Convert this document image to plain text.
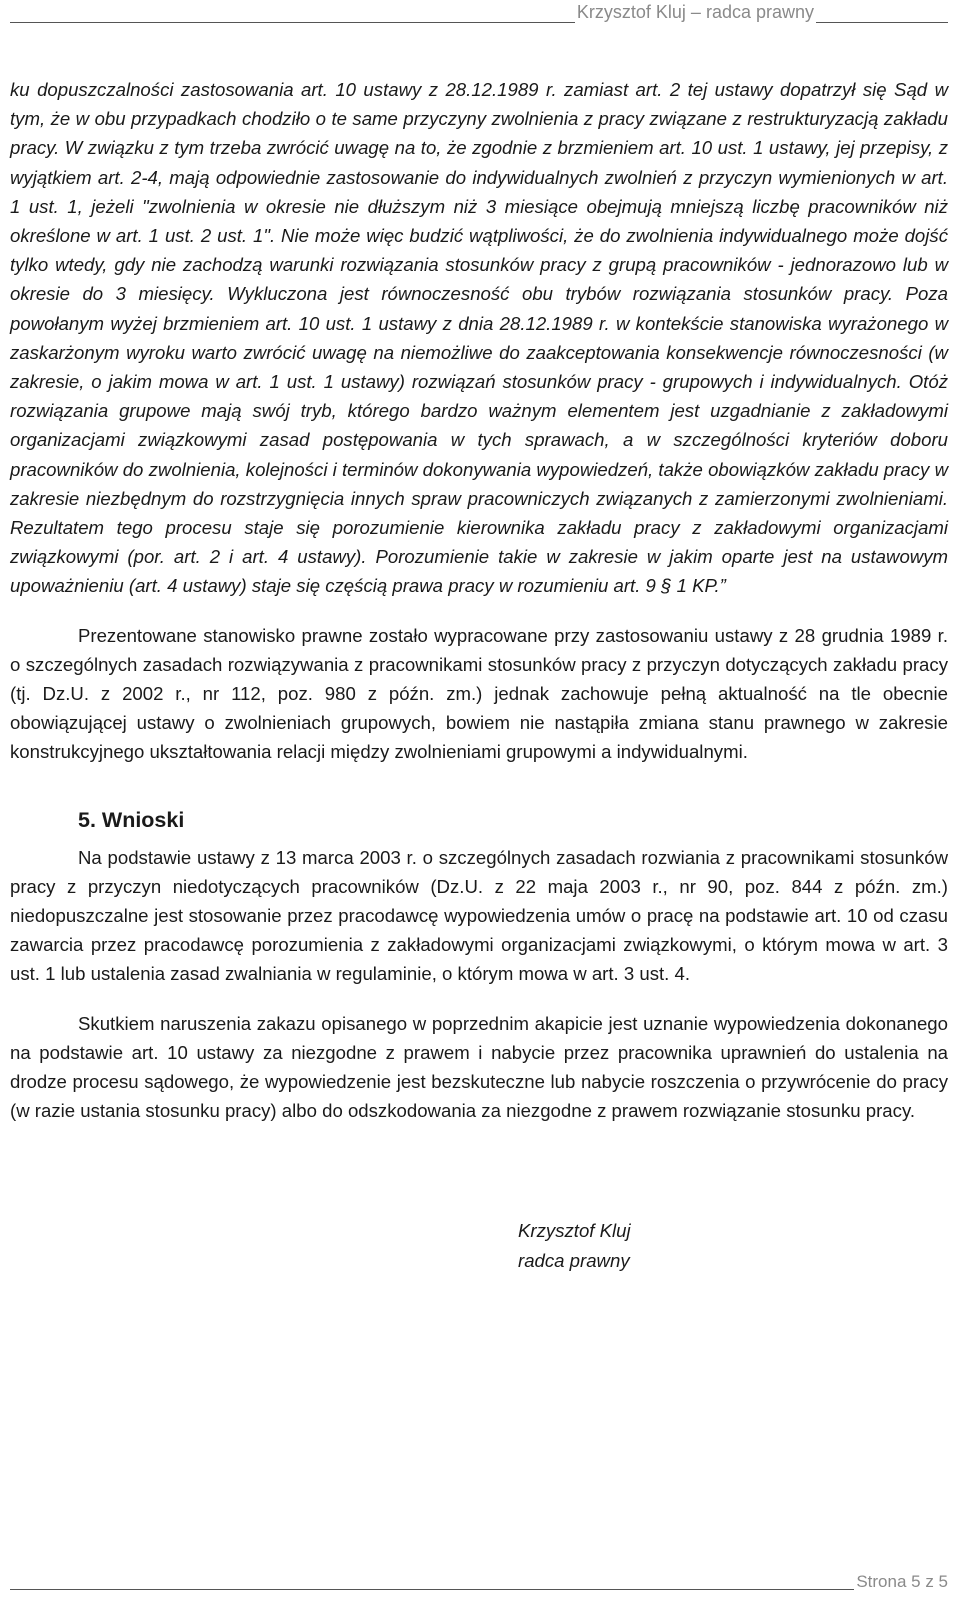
Krzysztof Kluj – radca prawny

ku dopuszczalności zastosowania art. 10 ustawy z 28.12.1989 r. zamiast art. 2 tej ustawy dopatrzył się Sąd w tym, że w obu przypadkach chodziło o te same przyczyny zwolnienia z pracy związane z restrukturyzacją zakładu pracy. W związku z tym trzeba zwrócić uwagę na to, że zgodnie z brzmieniem art. 10 ust. 1 ustawy, jej przepisy, z wyjątkiem art. 2-4, mają odpowiednie zastosowanie do indywidualnych zwolnień z przyczyn wymienionych w art. 1 ust. 1, jeżeli "zwolnienia w okresie nie dłuższym niż 3 miesiące obejmują mniejszą liczbę pracowników niż określone w art. 1 ust. 2 ust. 1". Nie może więc budzić wątpliwości, że do zwolnienia indywidualnego może dojść tylko wtedy, gdy nie zachodzą warunki rozwiązania stosunków pracy z grupą pracowników - jednorazowo lub w okresie do 3 miesięcy. Wykluczona jest równoczesność obu trybów rozwiązania stosunków pracy. Poza powołanym wyżej brzmieniem art. 10 ust. 1 ustawy z dnia 28.12.1989 r. w kontekście stanowiska wyrażonego w zaskarżonym wyroku warto zwrócić uwagę na niemożliwe do zaakceptowania konsekwencje równoczesności (w zakresie, o jakim mowa w art. 1 ust. 1 ustawy) rozwiązań stosunków pracy - grupowych i indywidualnych. Otóż rozwiązania grupowe mają swój tryb, którego bardzo ważnym elementem jest uzgadnianie z zakładowymi organizacjami związkowymi zasad postępowania w tych sprawach, a w szczególności kryteriów doboru pracowników do zwolnienia, kolejności i terminów dokonywania wypowiedzeń, także obowiązków zakładu pracy w zakresie niezbędnym do rozstrzygnięcia innych spraw pracowniczych związanych z zamierzonymi zwolnieniami. Rezultatem tego procesu staje się porozumienie kierownika zakładu pracy z zakładowymi organizacjami związkowymi (por. art. 2 i art. 4 ustawy). Porozumienie takie w zakresie w jakim oparte jest na ustawowym upoważnieniu (art. 4 ustawy) staje się częścią prawa pracy w rozumieniu art. 9 § 1 KP.”

Prezentowane stanowisko prawne zostało wypracowane przy zastosowaniu ustawy z 28 grudnia 1989 r. o szczególnych zasadach rozwiązywania z pracownikami stosunków pracy z przyczyn dotyczących zakładu pracy (tj. Dz.U. z 2002 r., nr 112, poz. 980 z późn. zm.) jednak zachowuje pełną aktualność na tle obecnie obowiązującej ustawy o zwolnieniach grupowych, bowiem nie nastąpiła zmiana stanu prawnego w zakresie konstrukcyjnego ukształtowania relacji między zwolnieniami grupowymi a indywidualnymi.

5. Wnioski

Na podstawie ustawy z 13 marca 2003 r. o szczególnych zasadach rozwiania z pracownikami stosunków pracy z przyczyn niedotyczących pracowników (Dz.U. z 22 maja 2003 r., nr 90, poz. 844 z późn. zm.) niedopuszczalne jest stosowanie przez pracodawcę wypowiedzenia umów o pracę na podstawie art. 10 od czasu zawarcia przez pracodawcę porozumienia z zakładowymi organizacjami związkowymi, o którym mowa w art. 3 ust. 1 lub ustalenia zasad zwalniania w regulaminie, o którym mowa w art. 3 ust. 4.

Skutkiem naruszenia zakazu opisanego w poprzednim akapicie jest uznanie wypowiedzenia dokonanego na podstawie art. 10 ustawy za niezgodne z prawem i nabycie przez pracownika uprawnień do ustalenia na drodze procesu sądowego, że wypowiedzenie jest bezskuteczne lub nabycie roszczenia o przywrócenie do pracy (w razie ustania stosunku pracy) albo do odszkodowania za niezgodne z prawem rozwiązanie stosunku pracy.

Krzysztof Kluj
radca prawny
Strona 5 z 5
